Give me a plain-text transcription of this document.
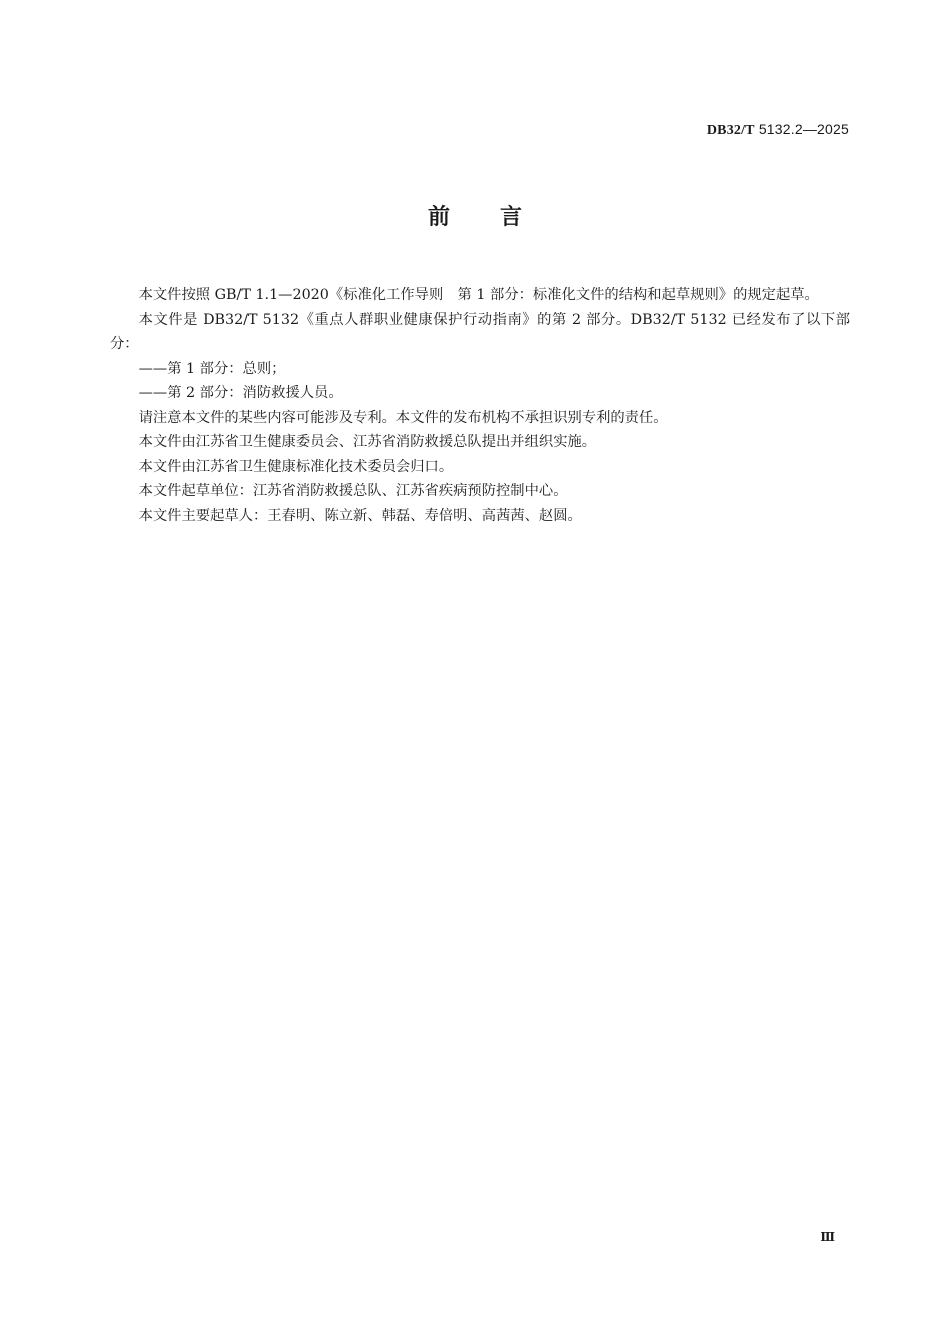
DB32/T 5132.2—2025
前言

本文件按照 GB/T 1.1—2020《标准化工作导则　第 1 部分：标准化文件的结构和起草规则》的规定起草。

本文件是 DB32/T 5132《重点人群职业健康保护行动指南》的第 2 部分。DB32/T 5132 已经发布了以下部分：

——第 1 部分：总则；

——第 2 部分：消防救援人员。

请注意本文件的某些内容可能涉及专利。本文件的发布机构不承担识别专利的责任。

本文件由江苏省卫生健康委员会、江苏省消防救援总队提出并组织实施。

本文件由江苏省卫生健康标准化技术委员会归口。

本文件起草单位：江苏省消防救援总队、江苏省疾病预防控制中心。

本文件主要起草人：王春明、陈立新、韩磊、寿倍明、高茜茜、赵圆。

Ⅲ
